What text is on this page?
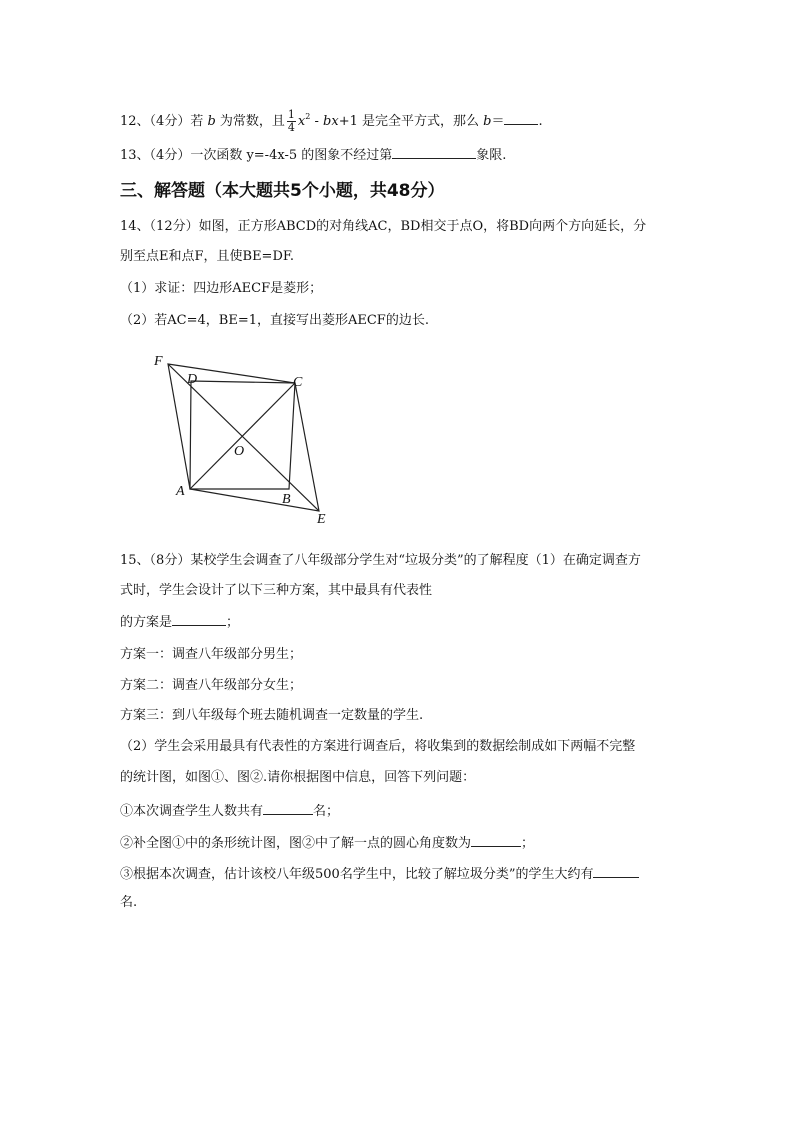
12、（4分）若 b 为常数，且 $\frac{1}{4} x^2 - bx+1$ 是完全平方式，那么 b＝	.
13、（4分）一次函数 y=-4x-5 的图象不经过第	象限.
三、解答题（本大题共5个小题，共48分）
14、（12分）如图，正方形ABCD的对角线AC，BD相交于点O，将BD向两个方向延长，分
别至点E和点F，且使BE=DF.
（1）求证：四边形AECF是菱形；
（2）若AC=4，BE=1，直接写出菱形AECF的边长.
F
D	C
O
A
B
E
15、（8分）某校学生会调查了八年级部分学生对“垃圾分类”的了解程度（1）在确定调查方
式时，学生会设计了以下三种方案，其中最具有代表性
的方案是	；
方案一：调查八年级部分男生；
方案二：调查八年级部分女生；
方案三：到八年级每个班去随机调查一定数量的学生.
（2）学生会采用最具有代表性的方案进行调查后，将收集到的数据绘制成如下两幅不完整
的统计图，如图①、图②.请你根据图中信息，回答下列问题：
①本次调查学生人数共有	名；
②补全图①中的条形统计图，图②中了解一点的圆心角度数为	；
③根据本次调查，估计该校八年级500名学生中，比较了解垃圾分类”的学生大约有
名.
